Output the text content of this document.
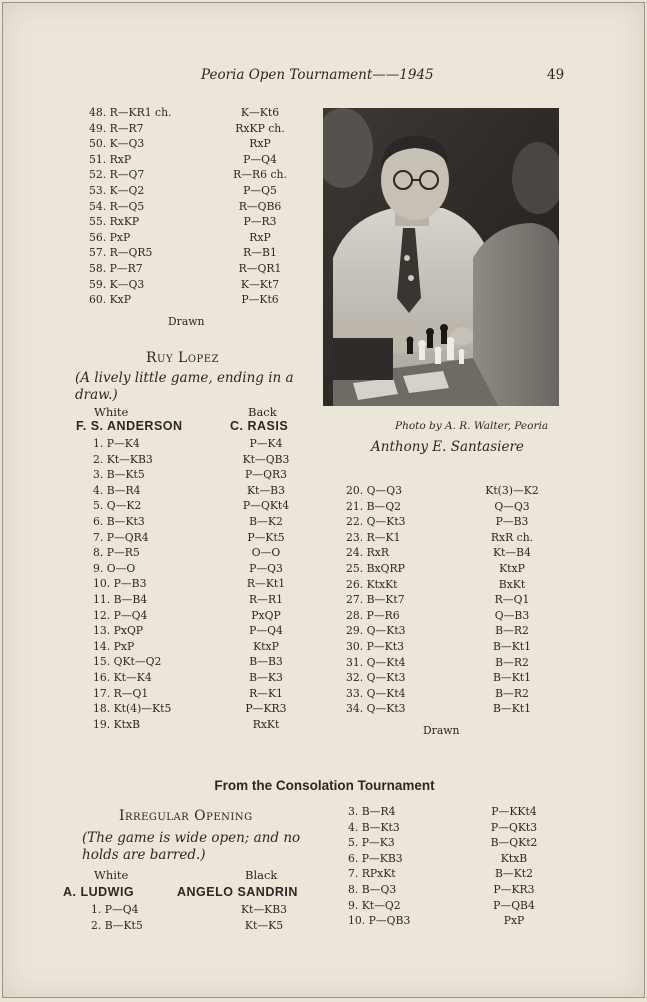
Peoria Open Tournament——1945	49
48. R—KR1 ch.	K—Kt6
49. R—R7	RxKP ch.
50. K—Q3	RxP
51. RxP	P—Q4
52. R—Q7	R—R6 ch.
53. K—Q2	P—Q5
54. R—Q5	R—QB6
55. RxKP	P—R3
56. PxP	RxP
57. R—QR5	R—B1
58. P—R7	R—QR1
59. K—Q3	K—Kt7
60. KxP	P—Kt6
Drawn
Photo by A. R. Walter, Peoria
Anthony E. Santasiere
Ruy Lopez
(A lively little game, ending in a
draw.)
White	Back
F. S. ANDERSON	C. RASIS
1. P—K4	P—K4
2. Kt—KB3	Kt—QB3
3. B—Kt5	P—QR3
4. B—R4	Kt—B3
5. Q—K2	P—QKt4
6. B—Kt3	B—K2
7. P—QR4	P—Kt5
8. P—R5	O—O
9. O—O	P—Q3
10. P—B3	R—Kt1
11. B—B4	R—R1
12. P—Q4	PxQP
13. PxQP	P—Q4
14. PxP	KtxP
15. QKt—Q2	B—B3
16. Kt—K4	B—K3
17. R—Q1	R—K1
18. Kt(4)—Kt5	P—KR3
19. KtxB	RxKt
20. Q—Q3	Kt(3)—K2
21. B—Q2	Q—Q3
22. Q—Kt3	P—B3
23. R—K1	RxR ch.
24. RxR	Kt—B4
25. BxQRP	KtxP
26. KtxKt	BxKt
27. B—Kt7	R—Q1
28. P—R6	Q—B3
29. Q—Kt3	B—R2
30. P—Kt3	B—Kt1
31. Q—Kt4	B—R2
32. Q—Kt3	B—Kt1
33. Q—Kt4	B—R2
34. Q—Kt3	B—Kt1
Drawn
From the Consolation Tournament
Irregular Opening
(The game is wide open; and no
holds are barred.)
White	Black
A. LUDWIG	ANGELO SANDRIN
1. P—Q4	Kt—KB3
2. B—Kt5	Kt—K5
3. B—R4	P—KKt4
4. B—Kt3	P—QKt3
5. P—K3	B—QKt2
6. P—KB3	KtxB
7. RPxKt	B—Kt2
8. B—Q3	P—KR3
9. Kt—Q2	P—QB4
10. P—QB3	PxP
